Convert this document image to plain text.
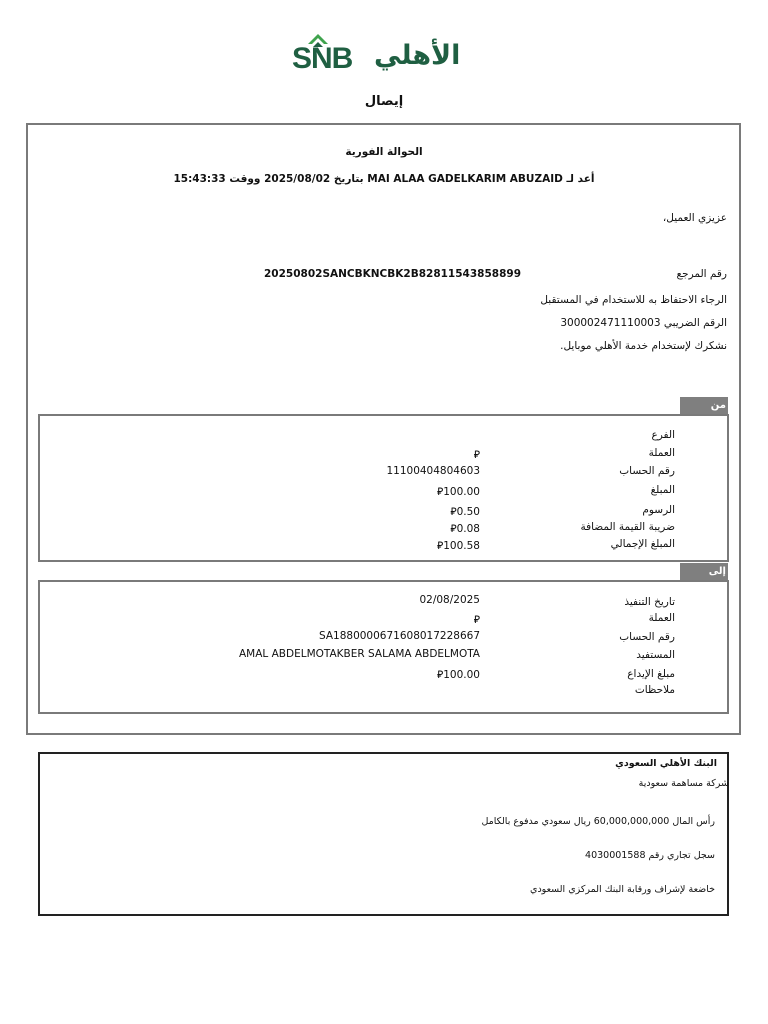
SNB الأهلي
إيصال
الحوالة الفورية
أعد لـ MAI ALAA GADELKARIM ABUZAID بتاريخ 2025/08/02 ووقت 15:43:33
عزيزي العميل،
رقم المرجع
20250802SANCBKNCBK2B82811543858899
الرجاء الاحتفاظ به للاستخدام في المستقبل
الرقم الضريبي 300002471110003
نشكرك لإستخدام خدمة الأهلي موبايل.
من
الفرع
العملة
⃁
رقم الحساب
11100404804603
المبلغ
⃁100.00
الرسوم
⃁0.50
ضريبة القيمة المضافة
⃁0.08
المبلغ الإجمالي
⃁100.58
إلى
تاريخ التنفيذ
02/08/2025
العملة
⃁
رقم الحساب
SA1880000671608017228667
المستفيد
AMAL ABDELMOTAKBER SALAMA ABDELMOTA
مبلغ الإيداع
⃁100.00
ملاحظات
البنك الأهلي السعودي
شركة مساهمة سعودية
رأس المال 60,000,000,000 ريال سعودي مدفوع بالكامل
سجل تجاري رقم 4030001588
خاضعة لإشراف ورقابة البنك المركزي السعودي
